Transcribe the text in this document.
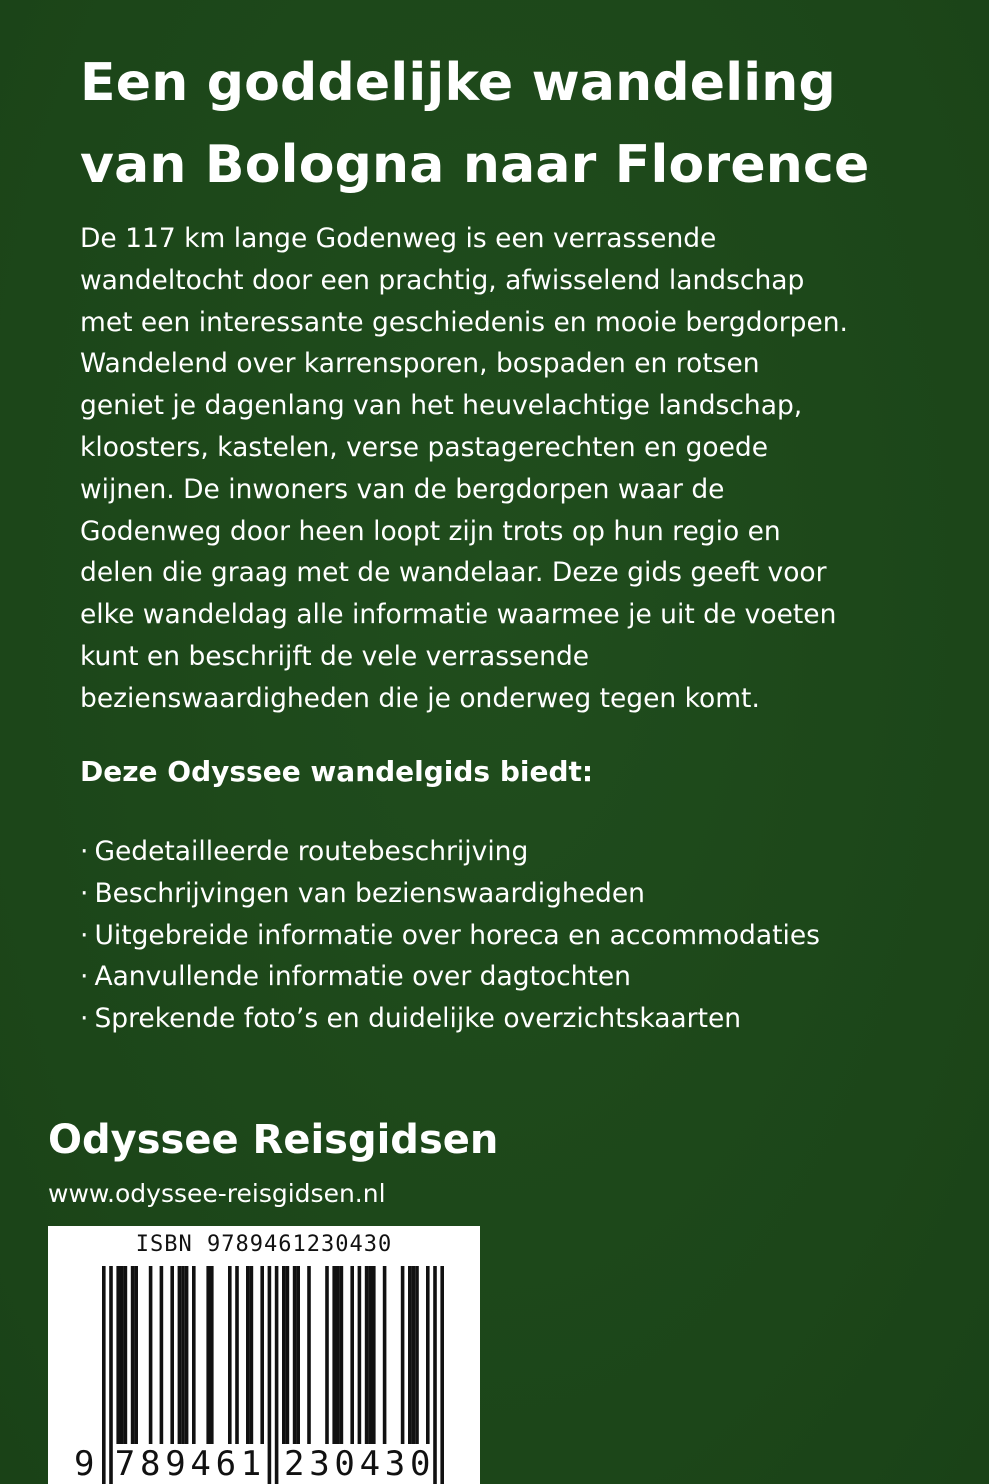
Een goddelijke wandeling
van Bologna naar Florence

De 117 km lange Godenweg is een verrassende
wandeltocht door een prachtig, afwisselend landschap
met een interessante geschiedenis en mooie bergdorpen.
Wandelend over karrensporen, bospaden en rotsen
geniet je dagenlang van het heuvelachtige landschap,
kloosters, kastelen, verse pastagerechten en goede
wijnen. De inwoners van de bergdorpen waar de
Godenweg door heen loopt zijn trots op hun regio en
delen die graag met de wandelaar. Deze gids geeft voor
elke wandeldag alle informatie waarmee je uit de voeten
kunt en beschrijft de vele verrassende
bezienswaardigheden die je onderweg tegen komt.

Deze Odyssee wandelgids biedt:
· Gedetailleerde routebeschrijving
· Beschrijvingen van bezienswaardigheden
· Uitgebreide informatie over horeca en accommodaties
· Aanvullende informatie over dagtochten
· Sprekende foto’s en duidelijke overzichtskaarten
Odyssee Reisgidsen
www.odyssee-reisgidsen.nl
ISBN 9789461230430
9 7 8 9 4 6 1 2 3 0 4 3 0
